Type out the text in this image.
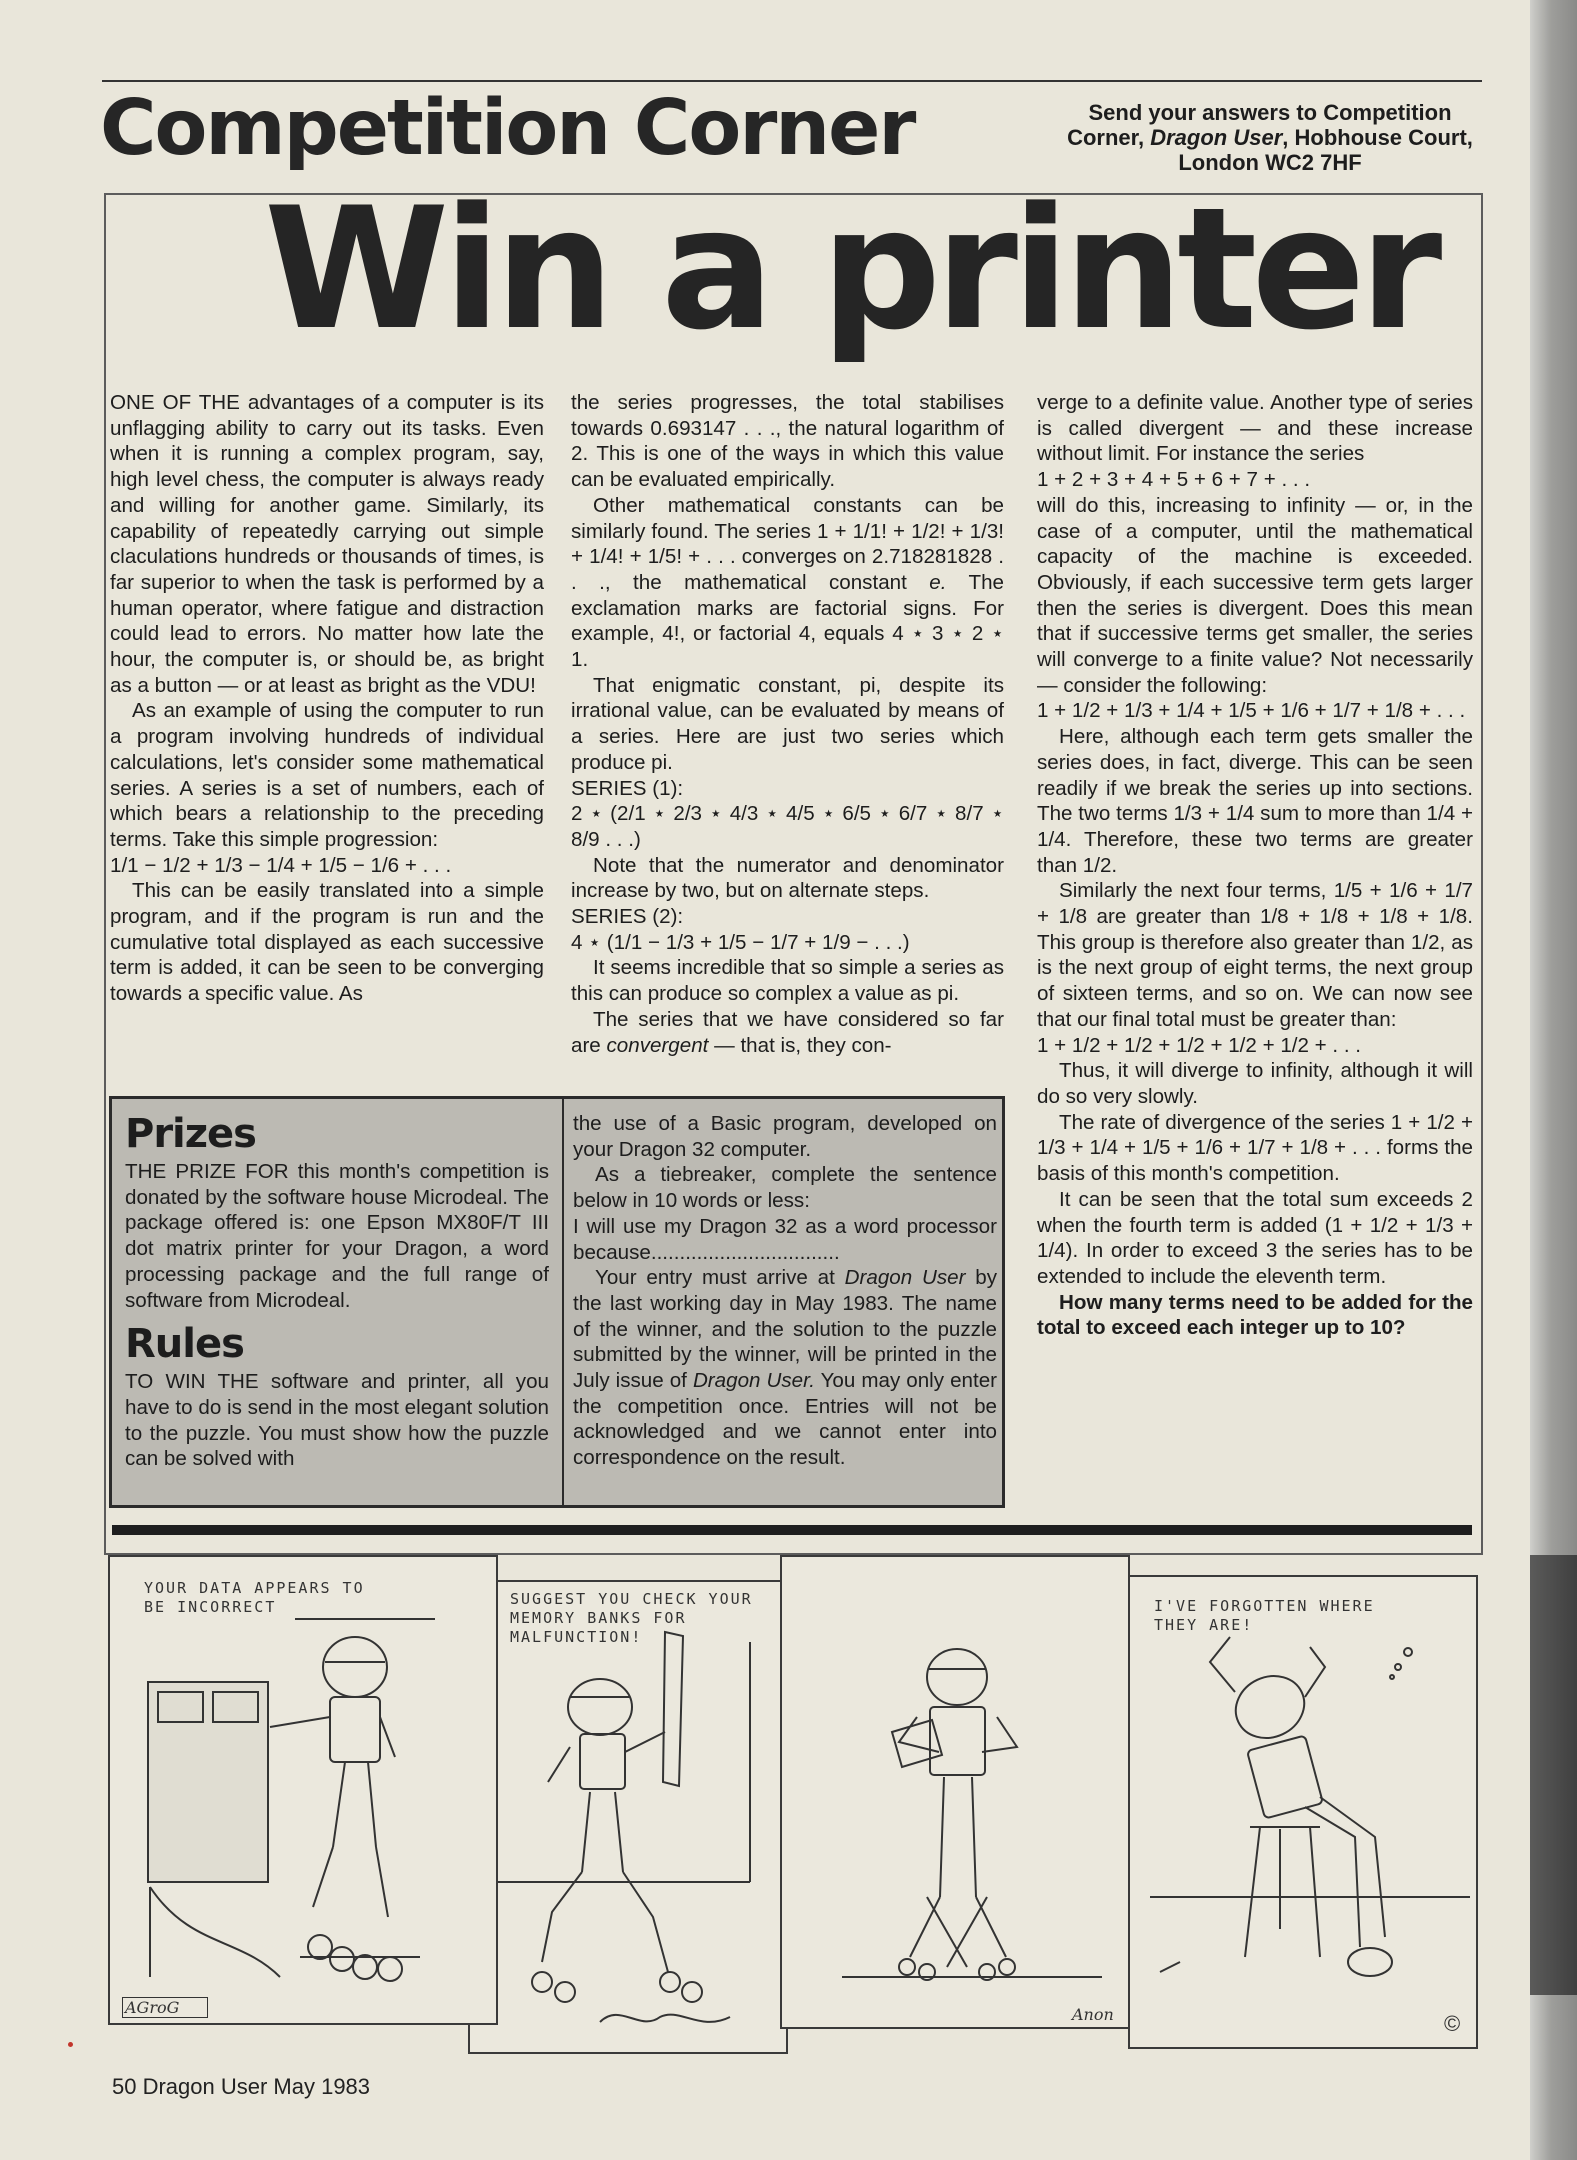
Competition Corner	Send your answers to Competition
Corner, Dragon User, Hobhouse Court,
London WC2 7HF
Win a printer

ONE OF THE advantages of a computer is its unflagging ability to carry out its tasks. Even when it is running a complex program, say, high level chess, the computer is always ready and willing for another game. Similarly, its capability of repeatedly carrying out simple claculations hundreds or thousands of times, is far superior to when the task is performed by a human operator, where fatigue and distraction could lead to errors. No matter how late the hour, the computer is, or should be, as bright as a button — or at least as bright as the VDU!

As an example of using the computer to run a program involving hundreds of individual calculations, let's consider some mathematical series. A series is a set of numbers, each of which bears a relationship to the preceding terms. Take this simple progression:

1/1 − 1/2 + 1/3 − 1/4 + 1/5 − 1/6 + . . .

This can be easily translated into a simple program, and if the program is run and the cumulative total displayed as each successive term is added, it can be seen to be converging towards a specific value. As

the series progresses, the total stabilises towards 0.693147 . . ., the natural logarithm of 2. This is one of the ways in which this value can be evaluated empirically.

Other mathematical constants can be similarly found. The series 1 + 1/1! + 1/2! + 1/3! + 1/4! + 1/5! + . . . converges on 2.718281828 . . ., the mathematical constant e. The exclamation marks are factorial signs. For example, 4!, or factorial 4, equals 4 ⋆ 3 ⋆ 2 ⋆ 1.

That enigmatic constant, pi, despite its irrational value, can be evaluated by means of a series. Here are just two series which produce pi.

SERIES (1):

2 ⋆ (2/1 ⋆ 2/3 ⋆ 4/3 ⋆ 4/5 ⋆ 6/5 ⋆ 6/7 ⋆ 8/7 ⋆ 8/9 . . .)

Note that the numerator and denominator increase by two, but on alternate steps.

SERIES (2):

4 ⋆ (1/1 − 1/3 + 1/5 − 1/7 + 1/9 − . . .)

It seems incredible that so simple a series as this can produce so complex a value as pi.

The series that we have considered so far are convergent — that is, they con-

verge to a definite value. Another type of series is called divergent — and these increase without limit. For instance the series

1 + 2 + 3 + 4 + 5 + 6 + 7 + . . .

will do this, increasing to infinity — or, in the case of a computer, until the mathematical capacity of the machine is exceeded. Obviously, if each successive term gets larger then the series is divergent. Does this mean that if successive terms get smaller, the series will converge to a finite value? Not necessarily — consider the following:

1 + 1/2 + 1/3 + 1/4 + 1/5 + 1/6 + 1/7 + 1/8 + . . .

Here, although each term gets smaller the series does, in fact, diverge. This can be seen readily if we break the series up into sections. The two terms 1/3 + 1/4 sum to more than 1/4 + 1/4. Therefore, these two terms are greater than 1/2.

Similarly the next four terms, 1/5 + 1/6 + 1/7 + 1/8 are greater than 1/8 + 1/8 + 1/8 + 1/8. This group is therefore also greater than 1/2, as is the next group of eight terms, the next group of sixteen terms, and so on. We can now see that our final total must be greater than:

1 + 1/2 + 1/2 + 1/2 + 1/2 + 1/2 + . . .

Thus, it will diverge to infinity, although it will do so very slowly.

The rate of divergence of the series 1 + 1/2 + 1/3 + 1/4 + 1/5 + 1/6 + 1/7 + 1/8 + . . . forms the basis of this month's competition.

It can be seen that the total sum exceeds 2 when the fourth term is added (1 + 1/2 + 1/3 + 1/4). In order to exceed 3 the series has to be extended to include the eleventh term.

How many terms need to be added for the total to exceed each integer up to 10?

Prizes

THE PRIZE FOR this month's competition is donated by the software house Microdeal. The package offered is: one Epson MX80F/T III dot matrix printer for your Dragon, a word processing package and the full range of software from Microdeal.

Rules

TO WIN THE software and printer, all you have to do is send in the most elegant solution to the puzzle. You must show how the puzzle can be solved with

the use of a Basic program, developed on your Dragon 32 computer.

As a tiebreaker, complete the sentence below in 10 words or less:

I will use my Dragon 32 as a word processor because.................................

Your entry must arrive at Dragon User by the last working day in May 1983. The name of the winner, and the solution to the puzzle submitted by the winner, will be printed in the July issue of Dragon User. You may only enter the competition once. Entries will not be acknowledged and we cannot enter into correspondence on the result.

SUGGEST YOU CHECK YOUR
MEMORY BANKS FOR
MALFUNCTION!
YOUR DATA APPEARS TO
BE INCORRECT
AGroG	Anon
I'VE FORGOTTEN WHERE
THEY ARE!
©
50 Dragon User May 1983
